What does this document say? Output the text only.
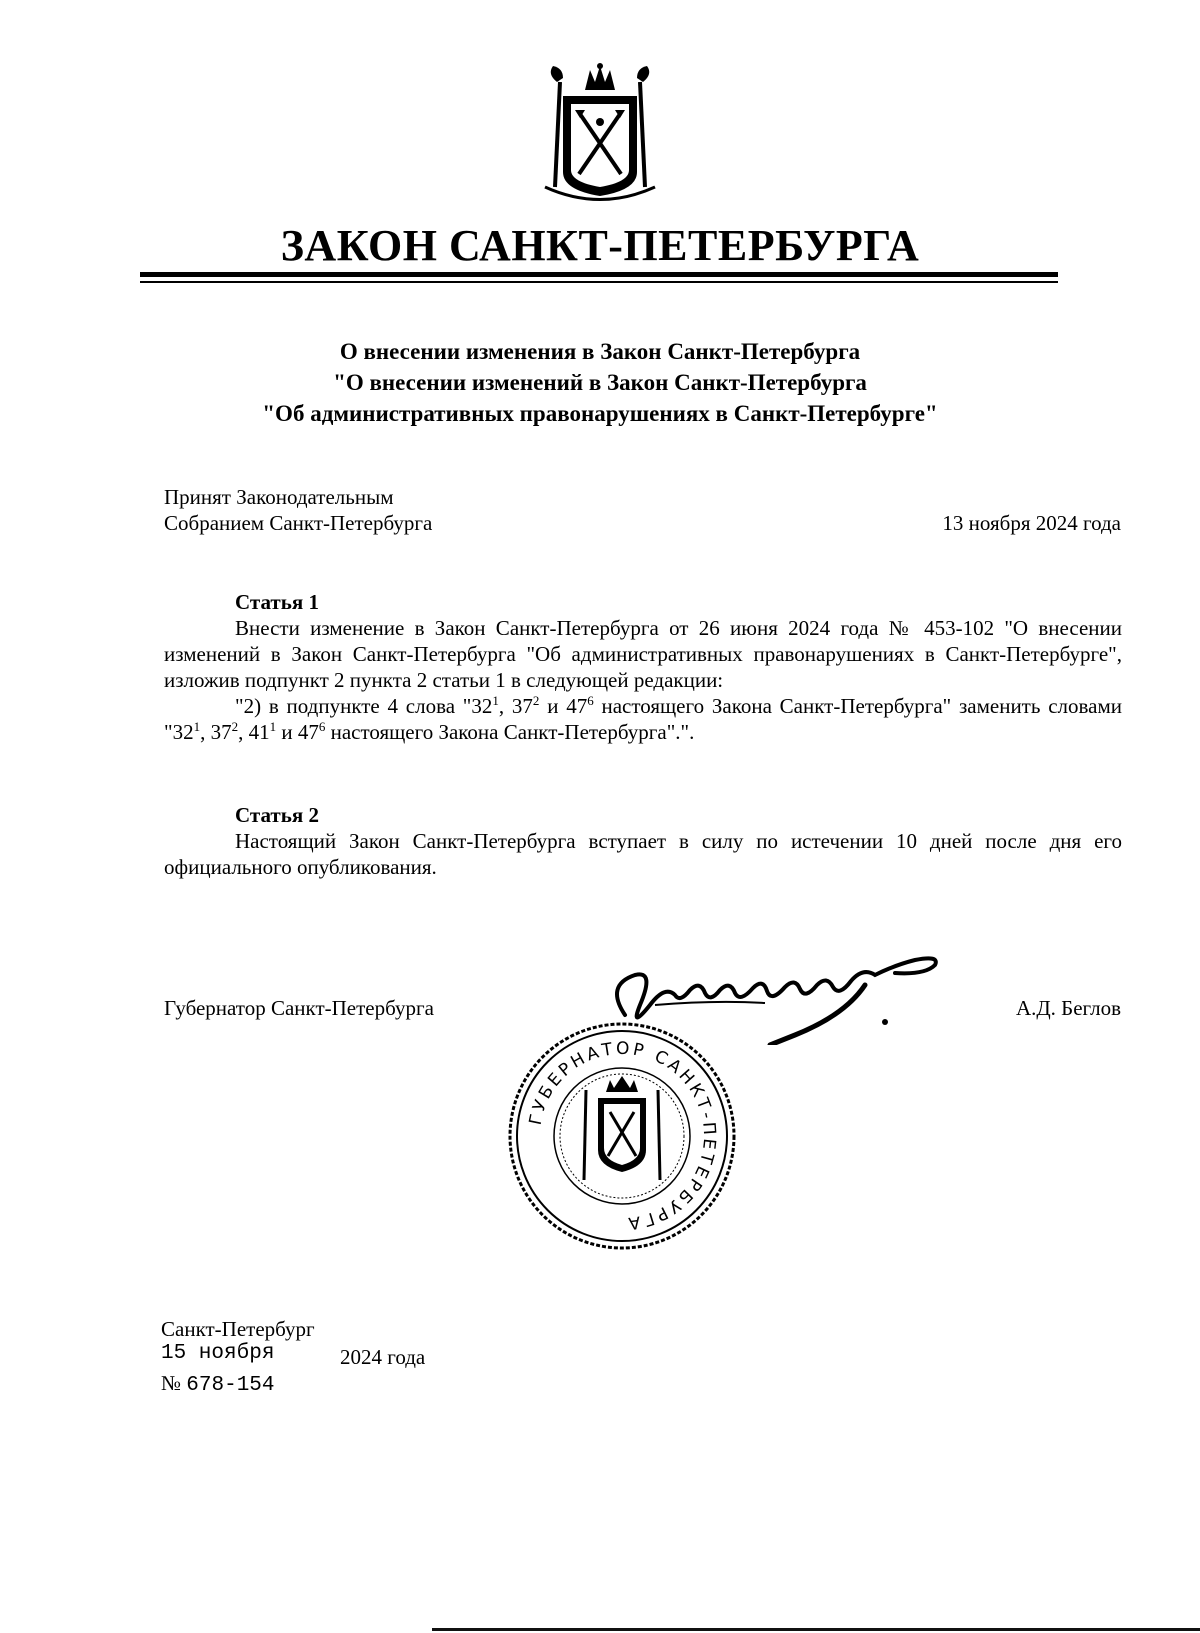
ЗАКОН САНКТ-ПЕТЕРБУРГА
О внесении изменения в Закон Санкт-Петербурга
"О внесении изменений в Закон Санкт-Петербурга
"Об административных правонарушениях в Санкт-Петербурге"
Принят Законодательным
Собранием Санкт-Петербурга	13 ноября 2024 года
Статья 1

Внести изменение в Закон Санкт-Петербурга от 26 июня 2024 года № 453-102 "О внесении изменений в Закон Санкт-Петербурга "Об административных правонарушениях в Санкт-Петербурге", изложив подпункт 2 пункта 2 статьи 1 в следующей редакции:

"2) в подпункте 4 слова "$32^1$, $37^2$ и $47^6$ настоящего Закона Санкт-Петербурга" заменить словами "$32^1$, $37^2$, $41^1$ и $47^6$ настоящего Закона Санкт-Петербурга".".

Статья 2

Настоящий Закон Санкт-Петербурга вступает в силу по истечении 10 дней после дня его официального опубликования.

Губернатор Санкт-Петербурга	А.Д. Беглов
ГУБЕРНАТОР САНКТ-ПЕТЕРБУРГА
Санкт-Петербург
15 ноября	2024 года
№ 678-154
